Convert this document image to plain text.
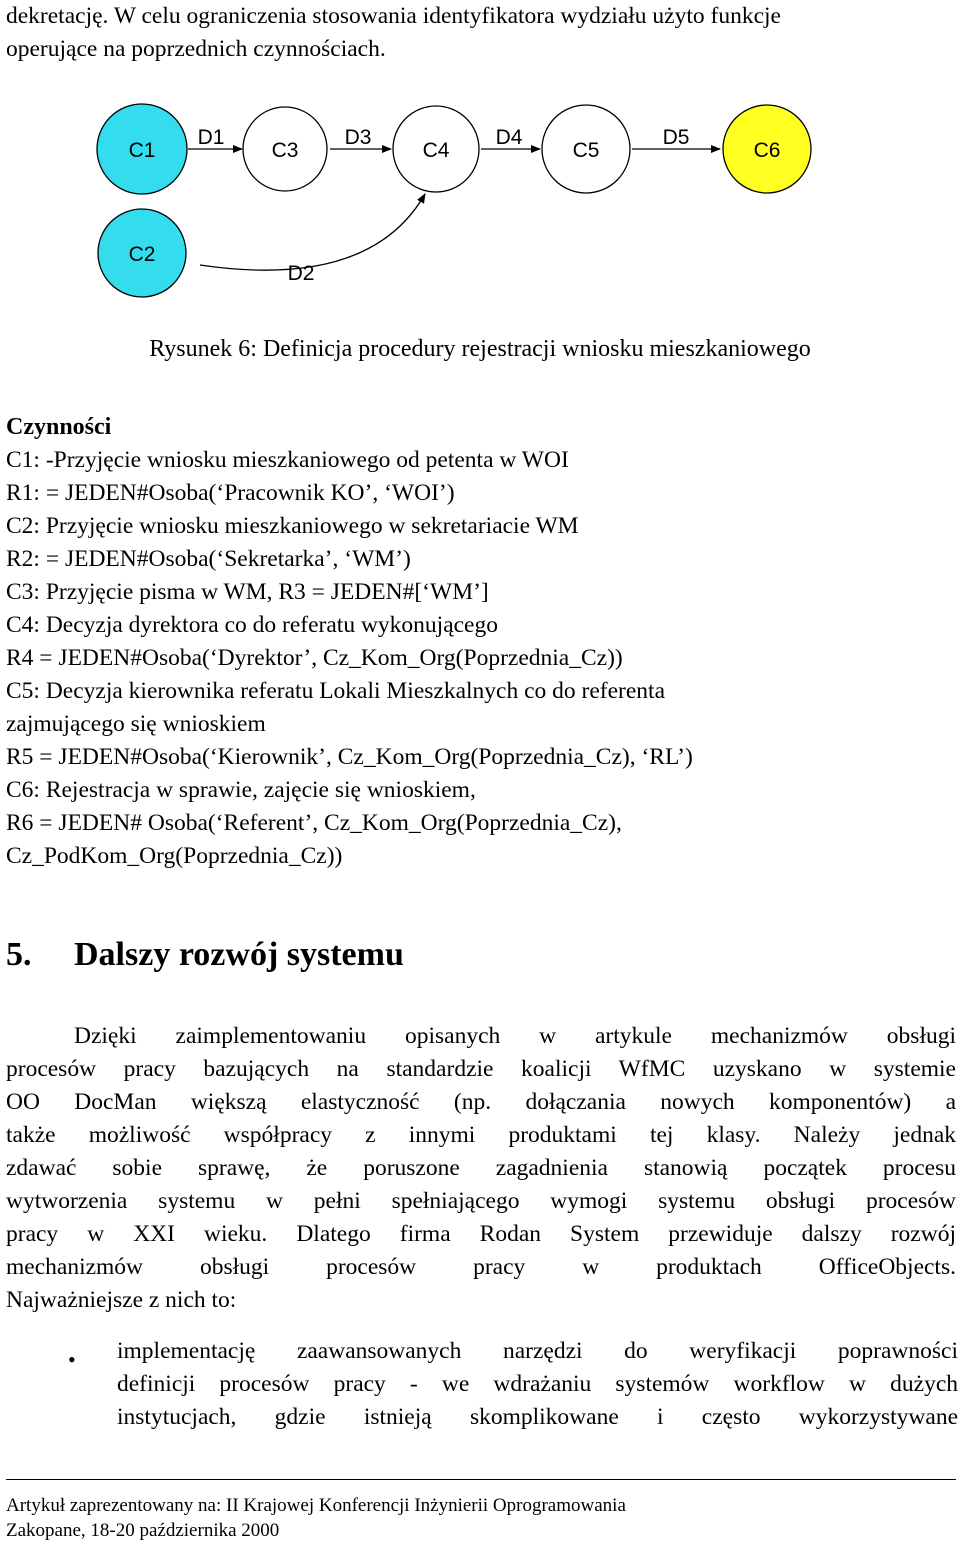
dekretację. W celu ograniczenia stosowania identyfikatora wydziału użyto funkcje
operujące na poprzednich czynnościach.
C1	C3	C4	C5	C6
C2
D1	D3	D4	D5
D2
Rysunek 6: Definicja procedury rejestracji wniosku mieszkaniowego
Czynności
C1: -Przyjęcie wniosku mieszkaniowego od petenta w WOI
R1: = JEDEN#Osoba(‘Pracownik KO’, ‘WOI’)
C2: Przyjęcie wniosku mieszkaniowego w sekretariacie WM
R2: = JEDEN#Osoba(‘Sekretarka’, ‘WM’)
C3: Przyjęcie pisma w WM, R3 = JEDEN#[‘WM’]
C4: Decyzja dyrektora co do referatu wykonującego
R4 = JEDEN#Osoba(‘Dyrektor’, Cz_Kom_Org(Poprzednia_Cz))
C5: Decyzja kierownika referatu Lokali Mieszkalnych co do referenta
zajmującego się wnioskiem
R5 = JEDEN#Osoba(‘Kierownik’, Cz_Kom_Org(Poprzednia_Cz), ‘RL’)
C6: Rejestracja w sprawie, zajęcie się wnioskiem,
R6 = JEDEN# Osoba(‘Referent’, Cz_Kom_Org(Poprzednia_Cz),
Cz_PodKom_Org(Poprzednia_Cz))
5. Dalszy rozwój systemu
Dzięki zaimplementowaniu opisanych w artykule mechanizmów obsługi
procesów pracy bazujących na standardzie koalicji WfMC uzyskano w systemie
OO DocMan większą elastyczność (np. dołączania nowych komponentów) a
także możliwość współpracy z innymi produktami tej klasy. Należy jednak
zdawać sobie sprawę, że poruszone zagadnienia stanowią początek procesu
wytworzenia systemu w pełni spełniającego wymogi systemu obsługi procesów
pracy w XXI wieku. Dlatego firma Rodan System przewiduje dalszy rozwój
mechanizmów obsługi procesów pracy w produktach OfficeObjects.
Najważniejsze z nich to:
• implementację zaawansowanych narzędzi do weryfikacji poprawności
definicji procesów pracy - we wdrażaniu systemów workflow w dużych
instytucjach, gdzie istnieją skomplikowane i często wykorzystywane
Artykuł zaprezentowany na: II Krajowej Konferencji Inżynierii Oprogramowania
Zakopane, 18-20 października 2000
